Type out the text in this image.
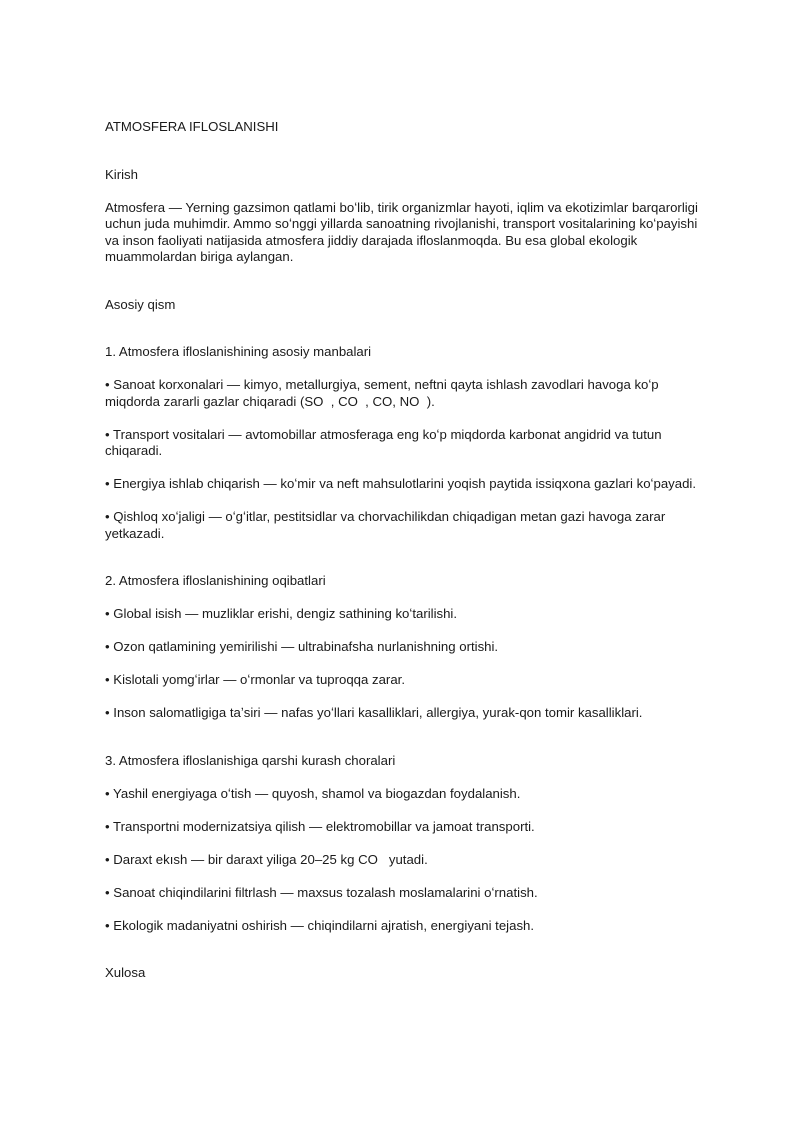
ATMOSFERA IFLOSLANISHI

Kirish

Atmosfera — Yerning gazsimon qatlami boʻlib, tirik organizmlar hayoti, iqlim va ekotizimlar barqarorligi uchun juda muhimdir. Ammo soʻnggi yillarda sanoatning rivojlanishi, transport vositalarining koʻpayishi va inson faoliyati natijasida atmosfera jiddiy darajada ifloslanmoqda. Bu esa global ekologik muammolardan biriga aylangan.

Asosiy qism

1. Atmosfera ifloslanishining asosiy manbalari

• Sanoat korxonalari — kimyo, metallurgiya, sement, neftni qayta ishlash zavodlari havoga koʻp miqdorda zararli gazlar chiqaradi (SO  , CO  , CO, NO  ).

• Transport vositalari — avtomobillar atmosferaga eng koʻp miqdorda karbonat angidrid va tutun chiqaradi.

• Energiya ishlab chiqarish — koʻmir va neft mahsulotlarini yoqish paytida issiqxona gazlari koʻpayadi.

• Qishloq xoʻjaligi — oʻgʻitlar, pestitsidlar va chorvachilikdan chiqadigan metan gazi havoga zarar yetkazadi.

2. Atmosfera ifloslanishining oqibatlari

• Global isish — muzliklar erishi, dengiz sathining koʻtarilishi.

• Ozon qatlamining yemirilishi — ultrabinafsha nurlanishning ortishi.

• Kislotali yomgʻirlar — oʻrmonlar va tuproqqa zarar.

• Inson salomatligiga taʼsiri — nafas yoʻllari kasalliklari, allergiya, yurak-qon tomir kasalliklari.

3. Atmosfera ifloslanishiga qarshi kurash choralari

• Yashil energiyaga oʻtish — quyosh, shamol va biogazdan foydalanish.

• Transportni modernizatsiya qilish — elektromobillar va jamoat transporti.

• Daraxt ekısh — bir daraxt yiliga 20–25 kg CO   yutadi.

• Sanoat chiqindilarini filtrlash — maxsus tozalash moslamalarini oʻrnatish.

• Ekologik madaniyatni oshirish — chiqindilarni ajratish, energiyani tejash.

Xulosa
